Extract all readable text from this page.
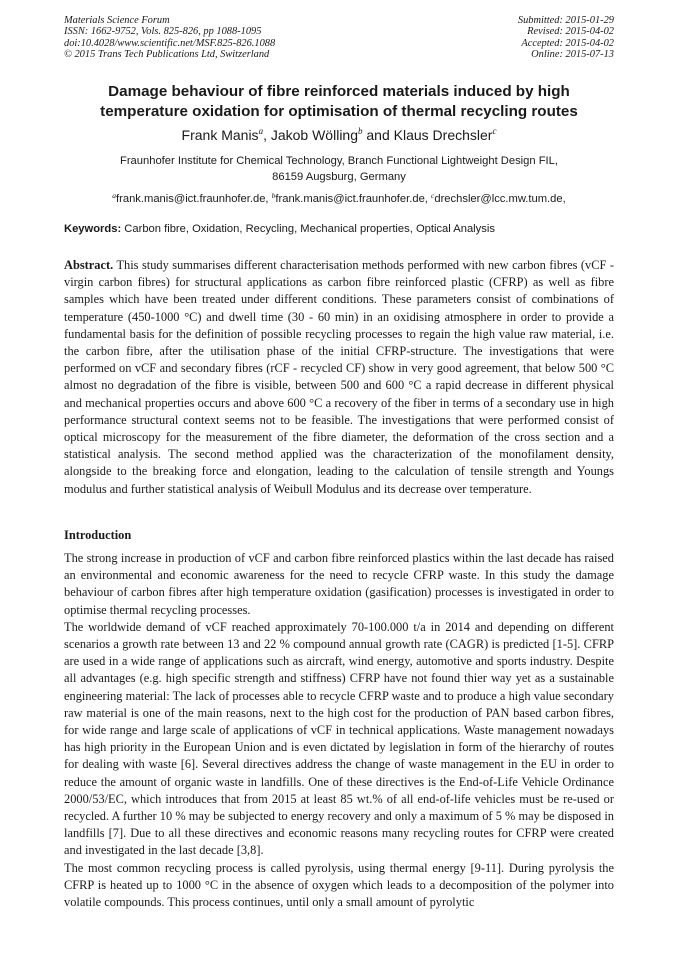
Materials Science Forum
ISSN: 1662-9752, Vols. 825-826, pp 1088-1095
doi:10.4028/www.scientific.net/MSF.825-826.1088
© 2015 Trans Tech Publications Ltd, Switzerland
Submitted: 2015-01-29
Revised: 2015-04-02
Accepted: 2015-04-02
Online: 2015-07-13
Damage behaviour of fibre reinforced materials induced by high temperature oxidation for optimisation of thermal recycling routes
Frank Manis$^a$, Jakob Wölling$^b$ and Klaus Drechsler$^c$
Fraunhofer Institute for Chemical Technology, Branch Functional Lightweight Design FIL,
86159 Augsburg, Germany
$^a$frank.manis@ict.fraunhofer.de, $^b$frank.manis@ict.fraunhofer.de, $^c$drechsler@lcc.mw.tum.de,
Keywords: Carbon fibre, Oxidation, Recycling, Mechanical properties, Optical Analysis

Abstract. This study summarises different characterisation methods performed with new carbon fibres (vCF - virgin carbon fibres) for structural applications as carbon fibre reinforced plastic (CFRP) as well as fibre samples which have been treated under different conditions. These parameters consist of combinations of temperature (450-1000 °C) and dwell time (30 - 60 min) in an oxidising atmosphere in order to provide a fundamental basis for the definition of possible recycling processes to regain the high value raw material, i.e. the carbon fibre, after the utilisation phase of the initial CFRP-structure. The investigations that were performed on vCF and secondary fibres (rCF - recycled CF) show in very good agreement, that below 500 °C almost no degradation of the fibre is visible, between 500 and 600 °C a rapid decrease in different physical and mechanical properties occurs and above 600 °C a recovery of the fiber in terms of a secondary use in high performance structural context seems not to be feasible. The investigations that were performed consist of optical microscopy for the measurement of the fibre diameter, the deformation of the cross section and a statistical analysis. The second method applied was the characterization of the monofilament density, alongside to the breaking force and elongation, leading to the calculation of tensile strength and Youngs modulus and further statistical analysis of Weibull Modulus and its decrease over temperature.

Introduction

The strong increase in production of vCF and carbon fibre reinforced plastics within the last decade has raised an environmental and economic awareness for the need to recycle CFRP waste. In this study the damage behaviour of carbon fibres after high temperature oxidation (gasification) processes is investigated in order to optimise thermal recycling processes.

The worldwide demand of vCF reached approximately 70-100.000 t/a in 2014 and depending on different scenarios a growth rate between 13 and 22 % compound annual growth rate (CAGR) is predicted [1-5]. CFRP are used in a wide range of applications such as aircraft, wind energy, automotive and sports industry. Despite all advantages (e.g. high specific strength and stiffness) CFRP have not found thier way yet as a sustainable engineering material: The lack of processes able to recycle CFRP waste and to produce a high value secondary raw material is one of the main reasons, next to the high cost for the production of PAN based carbon fibres, for wide range and large scale of applications of vCF in technical applications. Waste management nowadays has high priority in the European Union and is even dictated by legislation in form of the hierarchy of routes for dealing with waste [6]. Several directives address the change of waste management in the EU in order to reduce the amount of organic waste in landfills. One of these directives is the End-of-Life Vehicle Ordinance 2000/53/EC, which introduces that from 2015 at least 85 wt.% of all end-of-life vehicles must be re-used or recycled. A further 10 % may be subjected to energy recovery and only a maximum of 5 % may be disposed in landfills [7]. Due to all these directives and economic reasons many recycling routes for CFRP were created and investigated in the last decade [3,8].

The most common recycling process is called pyrolysis, using thermal energy [9-11]. During pyrolysis the CFRP is heated up to 1000 °C in the absence of oxygen which leads to a decomposition of the polymer into volatile compounds. This process continues, until only a small amount of pyrolytic
